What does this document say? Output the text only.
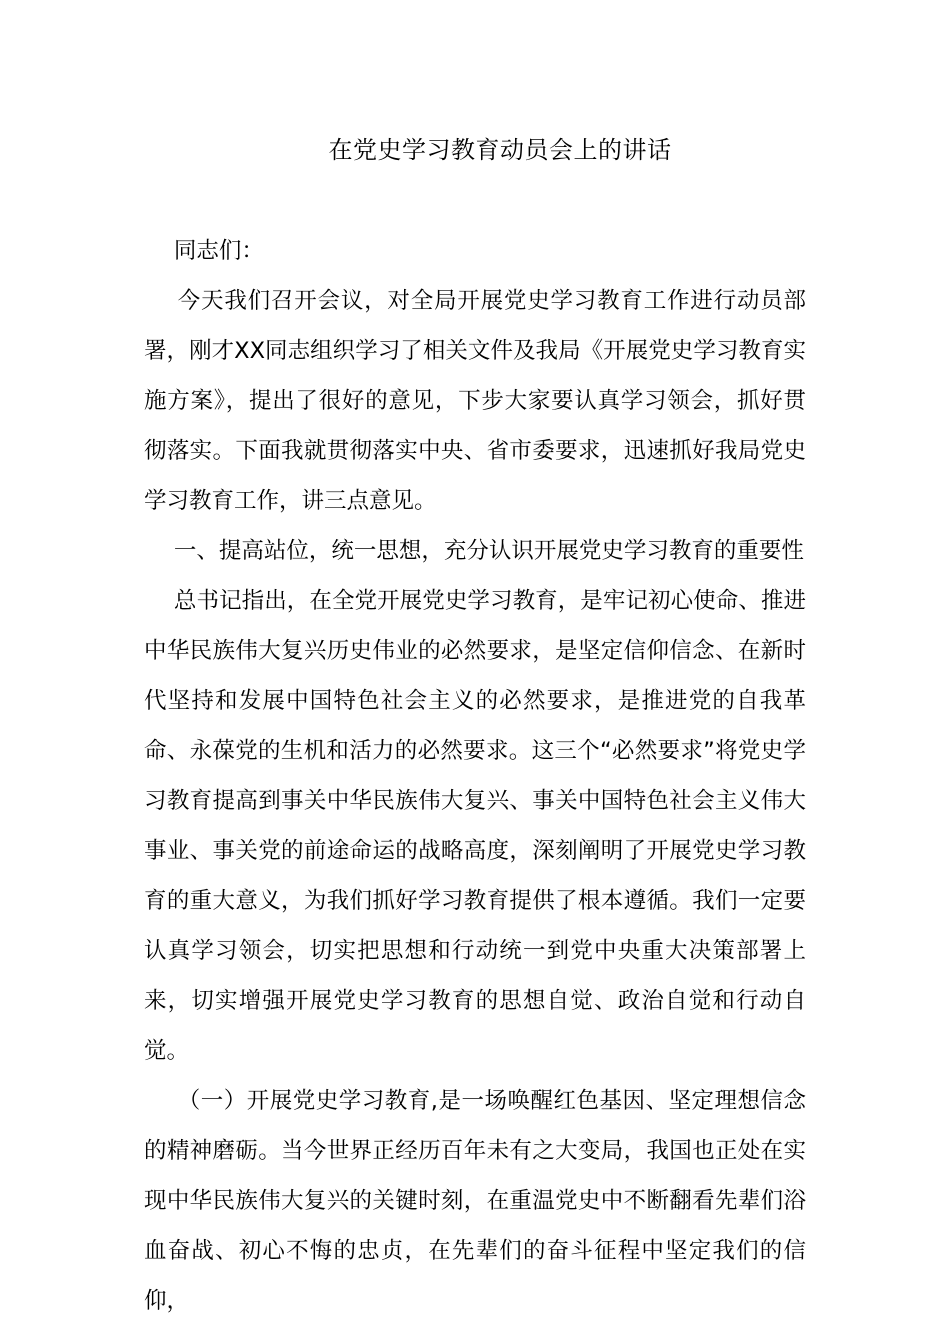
在党史学习教育动员会上的讲话

同志们：

今天我们召开会议，对全局开展党史学习教育工作进行动员部署，刚才XX同志组织学习了相关文件及我局《开展党史学习教育实施方案》，提出了很好的意见，下步大家要认真学习领会，抓好贯彻落实。下面我就贯彻落实中央、省市委要求，迅速抓好我局党史学习教育工作，讲三点意见。

一、提高站位，统一思想，充分认识开展党史学习教育的重要性

总书记指出，在全党开展党史学习教育，是牢记初心使命、推进中华民族伟大复兴历史伟业的必然要求，是坚定信仰信念、在新时代坚持和发展中国特色社会主义的必然要求，是推进党的自我革命、永葆党的生机和活力的必然要求。这三个“必然要求”将党史学习教育提高到事关中华民族伟大复兴、事关中国特色社会主义伟大事业、事关党的前途命运的战略高度，深刻阐明了开展党史学习教育的重大意义，为我们抓好学习教育提供了根本遵循。我们一定要认真学习领会，切实把思想和行动统一到党中央重大决策部署上来，切实增强开展党史学习教育的思想自觉、政治自觉和行动自觉。

（一）开展党史学习教育,是一场唤醒红色基因、坚定理想信念的精神磨砺。当今世界正经历百年未有之大变局，我国也正处在实现中华民族伟大复兴的关键时刻，在重温党史中不断翻看先辈们浴血奋战、初心不悔的忠贞，在先辈们的奋斗征程中坚定我们的信仰，
